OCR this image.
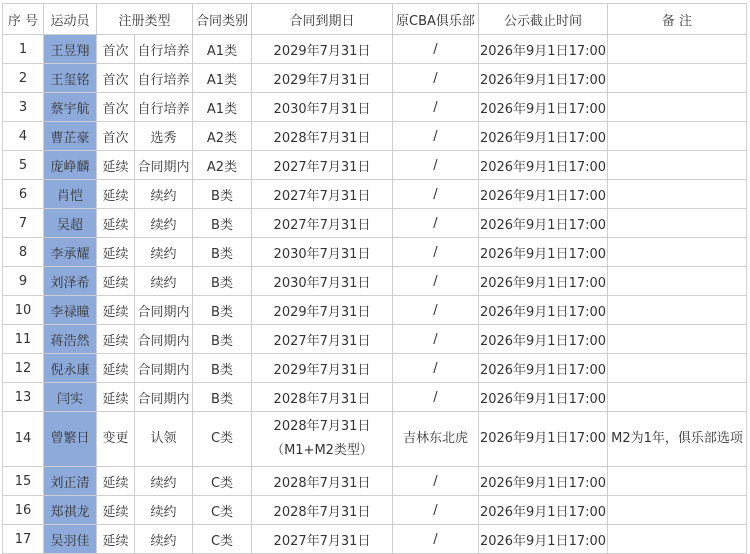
序 号	运动员	注册类型		合同类别	合同到期日	原CBA俱乐部	公示截止时间	备 注
1	王昱翔	首次	自行培养	A1类	2029年7月31日	/	2026年9月1日17:00	
2	王玺铭	首次	自行培养	A1类	2029年7月31日	/	2026年9月1日17:00	
3	蔡宇航	首次	自行培养	A1类	2030年7月31日	/	2026年9月1日17:00	
4	曹芷豪	首次	选秀	A2类	2028年7月31日	/	2026年9月1日17:00	
5	庞峥麟	延续	合同期内	A2类	2027年7月31日	/	2026年9月1日17:00	
6	肖恺	延续	续约	B类	2027年7月31日	/	2026年9月1日17:00	
7	吴超	延续	续约	B类	2027年7月31日	/	2026年9月1日17:00	
8	李承耀	延续	续约	B类	2030年7月31日	/	2026年9月1日17:00	
9	刘泽希	延续	续约	B类	2030年7月31日	/	2026年9月1日17:00	
10	李禄瞳	延续	合同期内	B类	2029年7月31日	/	2026年9月1日17:00	
11	蒋浩然	延续	合同期内	B类	2027年7月31日	/	2026年9月1日17:00	
12	倪永康	延续	合同期内	B类	2029年7月31日	/	2026年9月1日17:00	
13	闫实	延续	合同期内	B类	2028年7月31日	/	2026年9月1日17:00	
14	曾繁日	变更	认领	C类	2028年7月31日
（M1+M2类型）	吉林东北虎	2026年9月1日17:00	M2为1年，俱乐部选项
15	刘正清	延续	续约	C类	2028年7月31日	/	2026年9月1日17:00	
16	郑祺龙	延续	续约	C类	2028年7月31日	/	2026年9月1日17:00	
17	吴羽佳	延续	续约	C类	2027年7月31日	/	2026年9月1日17:00	
